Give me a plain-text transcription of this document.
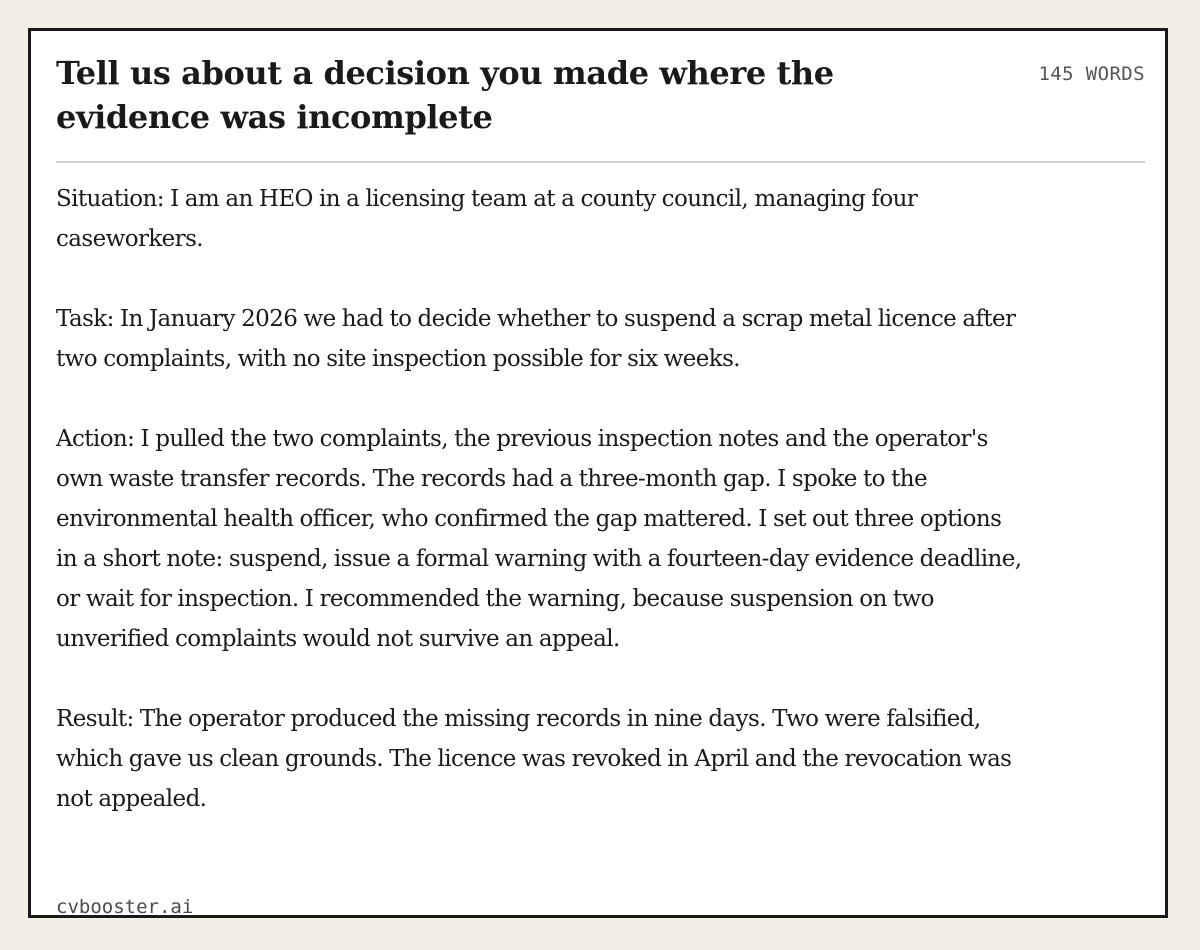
Tell us about a decision you made where the evidence was incomplete
145 WORDS

Situation: I am an HEO in a licensing team at a county council, managing four caseworkers.

Task: In January 2026 we had to decide whether to suspend a scrap metal licence after two complaints, with no site inspection possible for six weeks.

Action: I pulled the two complaints, the previous inspection notes and the operator's own waste transfer records. The records had a three-month gap. I spoke to the environmental health officer, who confirmed the gap mattered. I set out three options in a short note: suspend, issue a formal warning with a fourteen-day evidence deadline, or wait for inspection. I recommended the warning, because suspension on two unverified complaints would not survive an appeal.

Result: The operator produced the missing records in nine days. Two were falsified, which gave us clean grounds. The licence was revoked in April and the revocation was not appealed.

cvbooster.ai
